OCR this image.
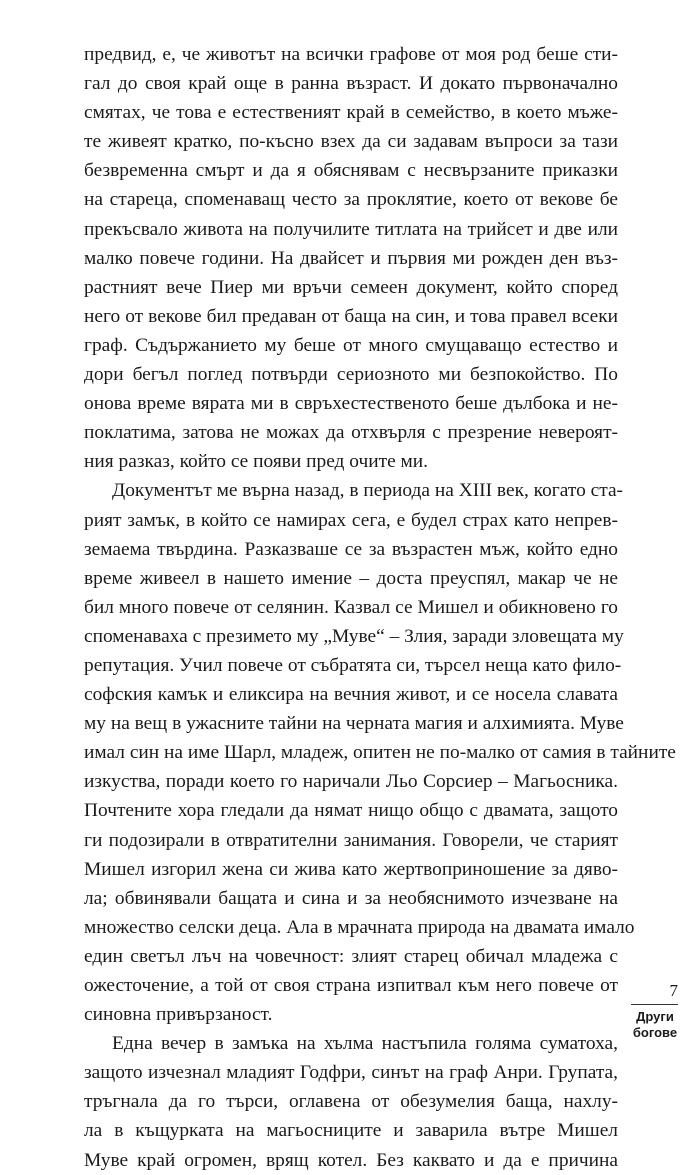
предвид, е, че животът на всички графове от моя род беше сти-
гал до своя край още в ранна възраст. И докато първоначално
смятах, че това е естественият край в семейство, в което мъже-
те живеят кратко, по-късно взех да си задавам въпроси за тази
безвременна смърт и да я обяснявам с несвързаните приказки
на стареца, споменаващ често за проклятие, което от векове бе
прекъсвало живота на получилите титлата на трийсет и две или
малко повече години. На двайсет и първия ми рожден ден въз-
растният вече Пиер ми връчи семеен документ, който според
него от векове бил предаван от баща на син, и това правел всеки
граф. Съдържанието му беше от много смущаващо естество и
дори бегъл поглед потвърди сериозното ми безпокойство. По
онова време вярата ми в свръхестественото беше дълбока и не-
поклатима, затова не можах да отхвърля с презрение невероят-
ния разказ, който се появи пред очите ми.
Документът ме върна назад, в периода на XIII век, когато ста-
рият замък, в който се намирах сега, е будел страх като непрев-
земаема твърдина. Разказваше се за възрастен мъж, който едно
време живеел в нашето имение – доста преуспял, макар че не
бил много повече от селянин. Казвал се Мишел и обикновено го
споменаваха с презимето му „Муве“ – Злия, заради зловещата му
репутация. Учил повече от събратята си, търсел неща като фило-
софския камък и еликсира на вечния живот, и се носела славата
му на вещ в ужасните тайни на черната магия и алхимията. Муве
имал син на име Шарл, младеж, опитен не по-малко от самия в тайните
изкуства, поради което го наричали Льо Сорсиер – Магьосника.
Почтените хора гледали да нямат нищо общо с двамата, защото
ги подозирали в отвратителни занимания. Говорели, че старият
Мишел изгорил жена си жива като жертвоприношение за дяво-
ла; обвинявали бащата и сина и за необяснимото изчезване на
множество селски деца. Ала в мрачната природа на двамата имало
един светъл лъч на човечност: злият старец обичал младежа с
ожесточение, а той от своя страна изпитвал към него повече от
синовна привързаност.
Една вечер в замъка на хълма настъпила голяма суматоха,
защото изчезнал младият Годфри, синът на граф Анри. Групата,
тръгнала да го търси, оглавена от обезумелия баща, нахлу-
ла в къщурката на магьосниците и заварила вътре Мишел
Муве край огромен, врящ котел. Без каквато и да е причина
7
Други
богове
